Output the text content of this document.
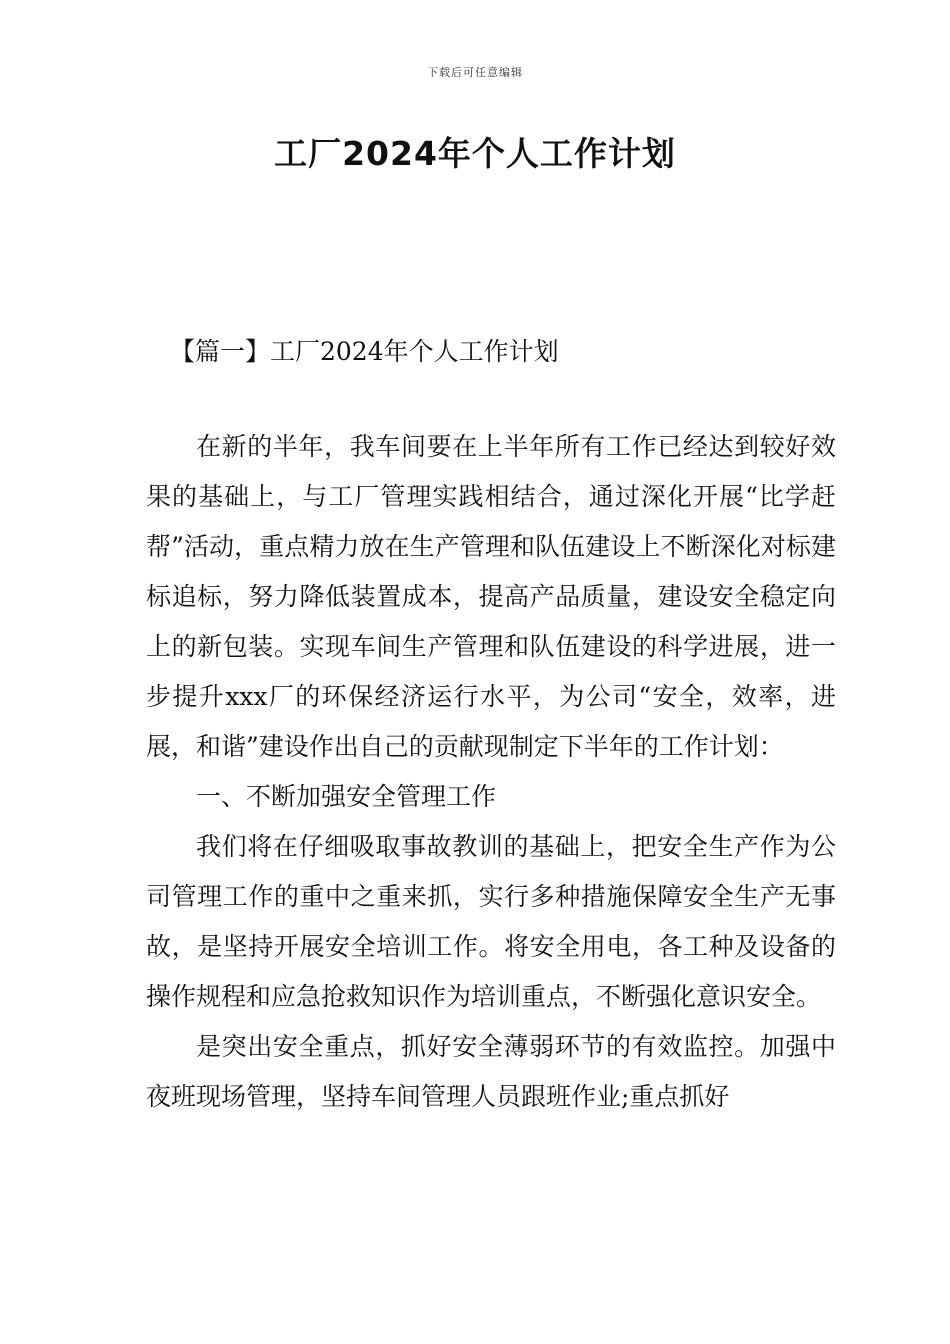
下载后可任意编辑
工厂2024年个人工作计划
【篇一】工厂2024年个人工作计划

在新的半年，我车间要在上半年所有工作已经达到较好效果的基础上，与工厂管理实践相结合，通过深化开展“比学赶帮”活动，重点精力放在生产管理和队伍建设上不断深化对标建标追标，努力降低装置成本，提高产品质量，建设安全稳定向上的新包装。实现车间生产管理和队伍建设的科学进展，进一步提升xxx厂的环保经济运行水平，为公司“安全，效率，进展，和谐”建设作出自己的贡献现制定下半年的工作计划：

一、不断加强安全管理工作

我们将在仔细吸取事故教训的基础上，把安全生产作为公司管理工作的重中之重来抓，实行多种措施保障安全生产无事故，是坚持开展安全培训工作。将安全用电，各工种及设备的操作规程和应急抢救知识作为培训重点，不断强化意识安全。

是突出安全重点，抓好安全薄弱环节的有效监控。加强中夜班现场管理，坚持车间管理人员跟班作业;重点抓好
